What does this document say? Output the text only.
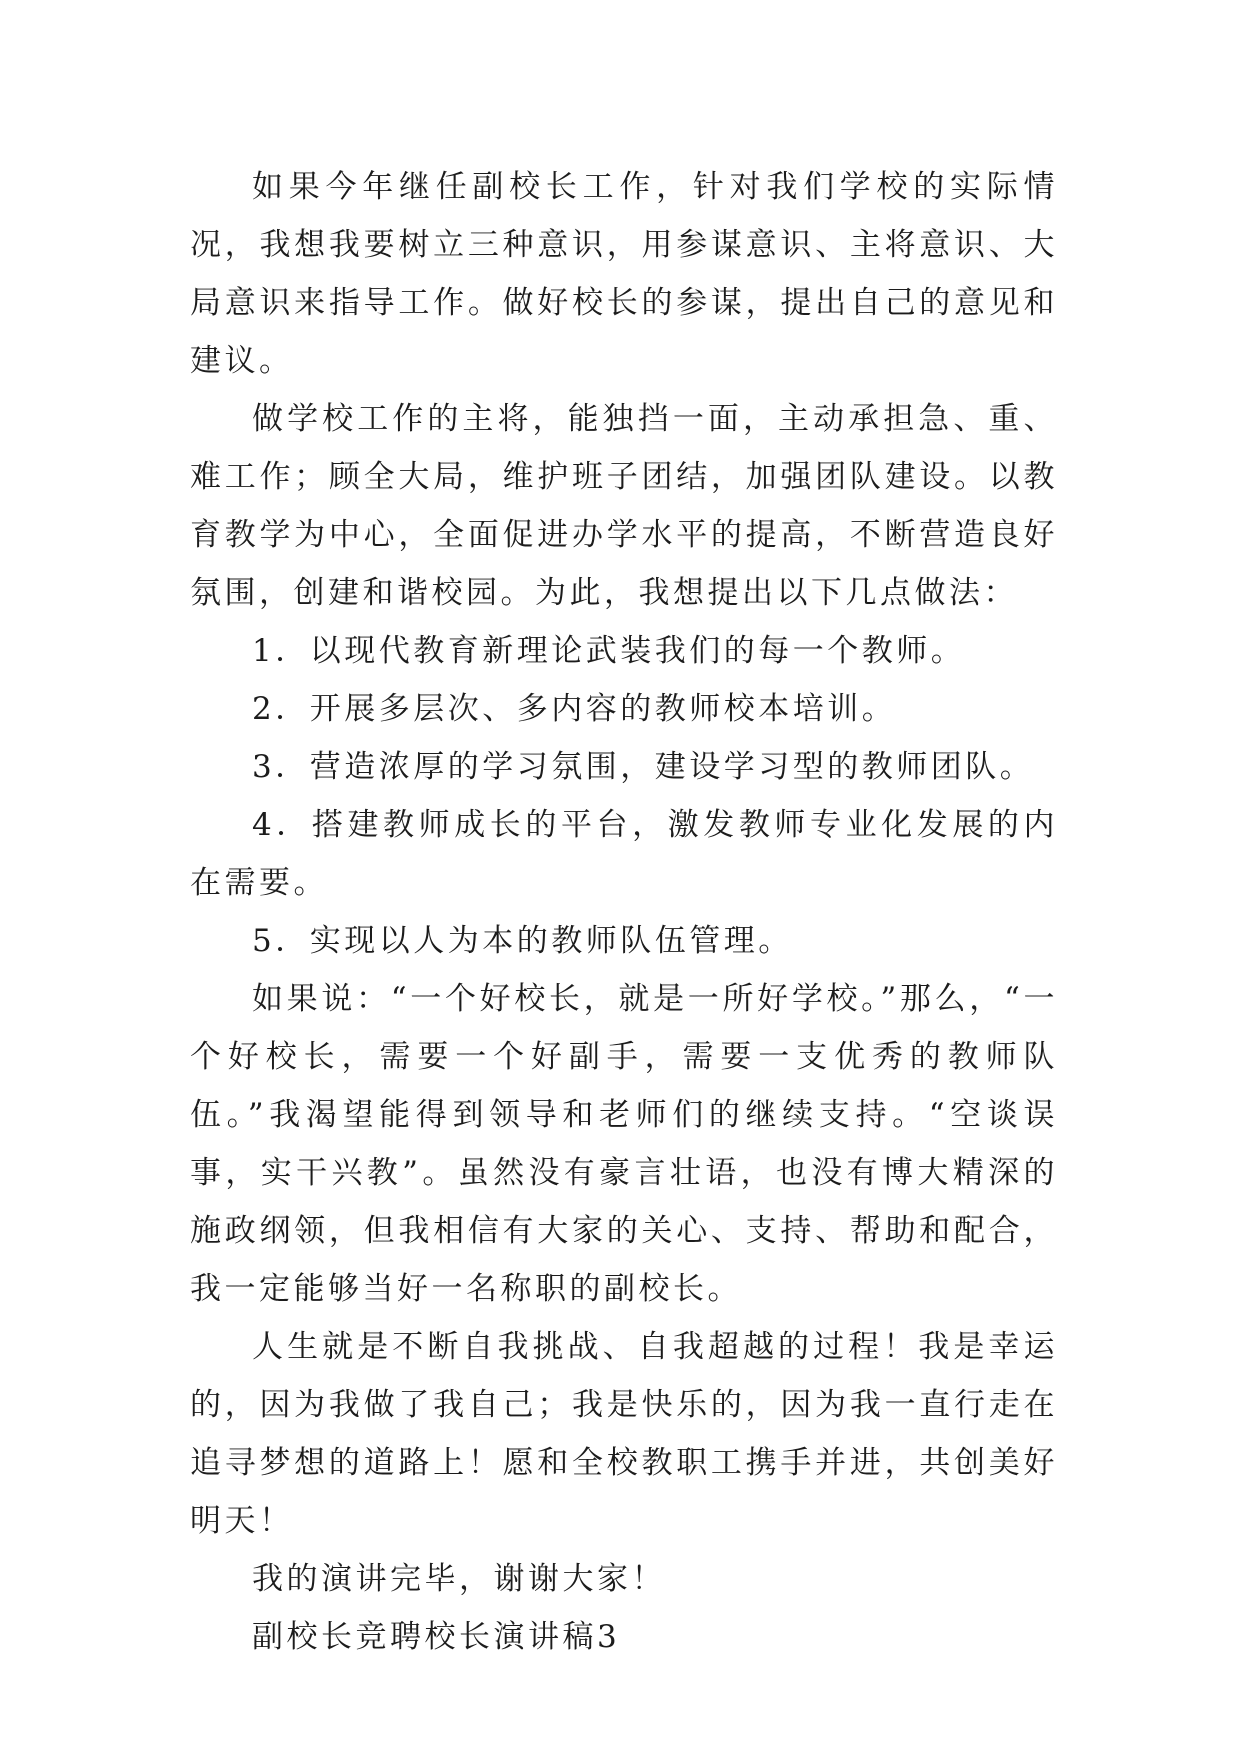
如果今年继任副校长工作，针对我们学校的实际情况，我想我要树立三种意识，用参谋意识、主将意识、大局意识来指导工作。做好校长的参谋，提出自己的意见和建议。

做学校工作的主将，能独挡一面，主动承担急、重、难工作；顾全大局，维护班子团结，加强团队建设。以教育教学为中心，全面促进办学水平的提高，不断营造良好氛围，创建和谐校园。为此，我想提出以下几点做法：

1．以现代教育新理论武装我们的每一个教师。

2．开展多层次、多内容的教师校本培训。

3．营造浓厚的学习氛围，建设学习型的教师团队。

4．搭建教师成长的平台，激发教师专业化发展的内在需要。

5．实现以人为本的教师队伍管理。

如果说：“一个好校长，就是一所好学校。”那么，“一个好校长，需要一个好副手，需要一支优秀的教师队伍。”我渴望能得到领导和老师们的继续支持。“空谈误事，实干兴教”。虽然没有豪言壮语，也没有博大精深的施政纲领，但我相信有大家的关心、支持、帮助和配合，我一定能够当好一名称职的副校长。

人生就是不断自我挑战、自我超越的过程！我是幸运的，因为我做了我自己；我是快乐的，因为我一直行走在追寻梦想的道路上！愿和全校教职工携手并进，共创美好明天！

我的演讲完毕，谢谢大家！

副校长竞聘校长演讲稿3
